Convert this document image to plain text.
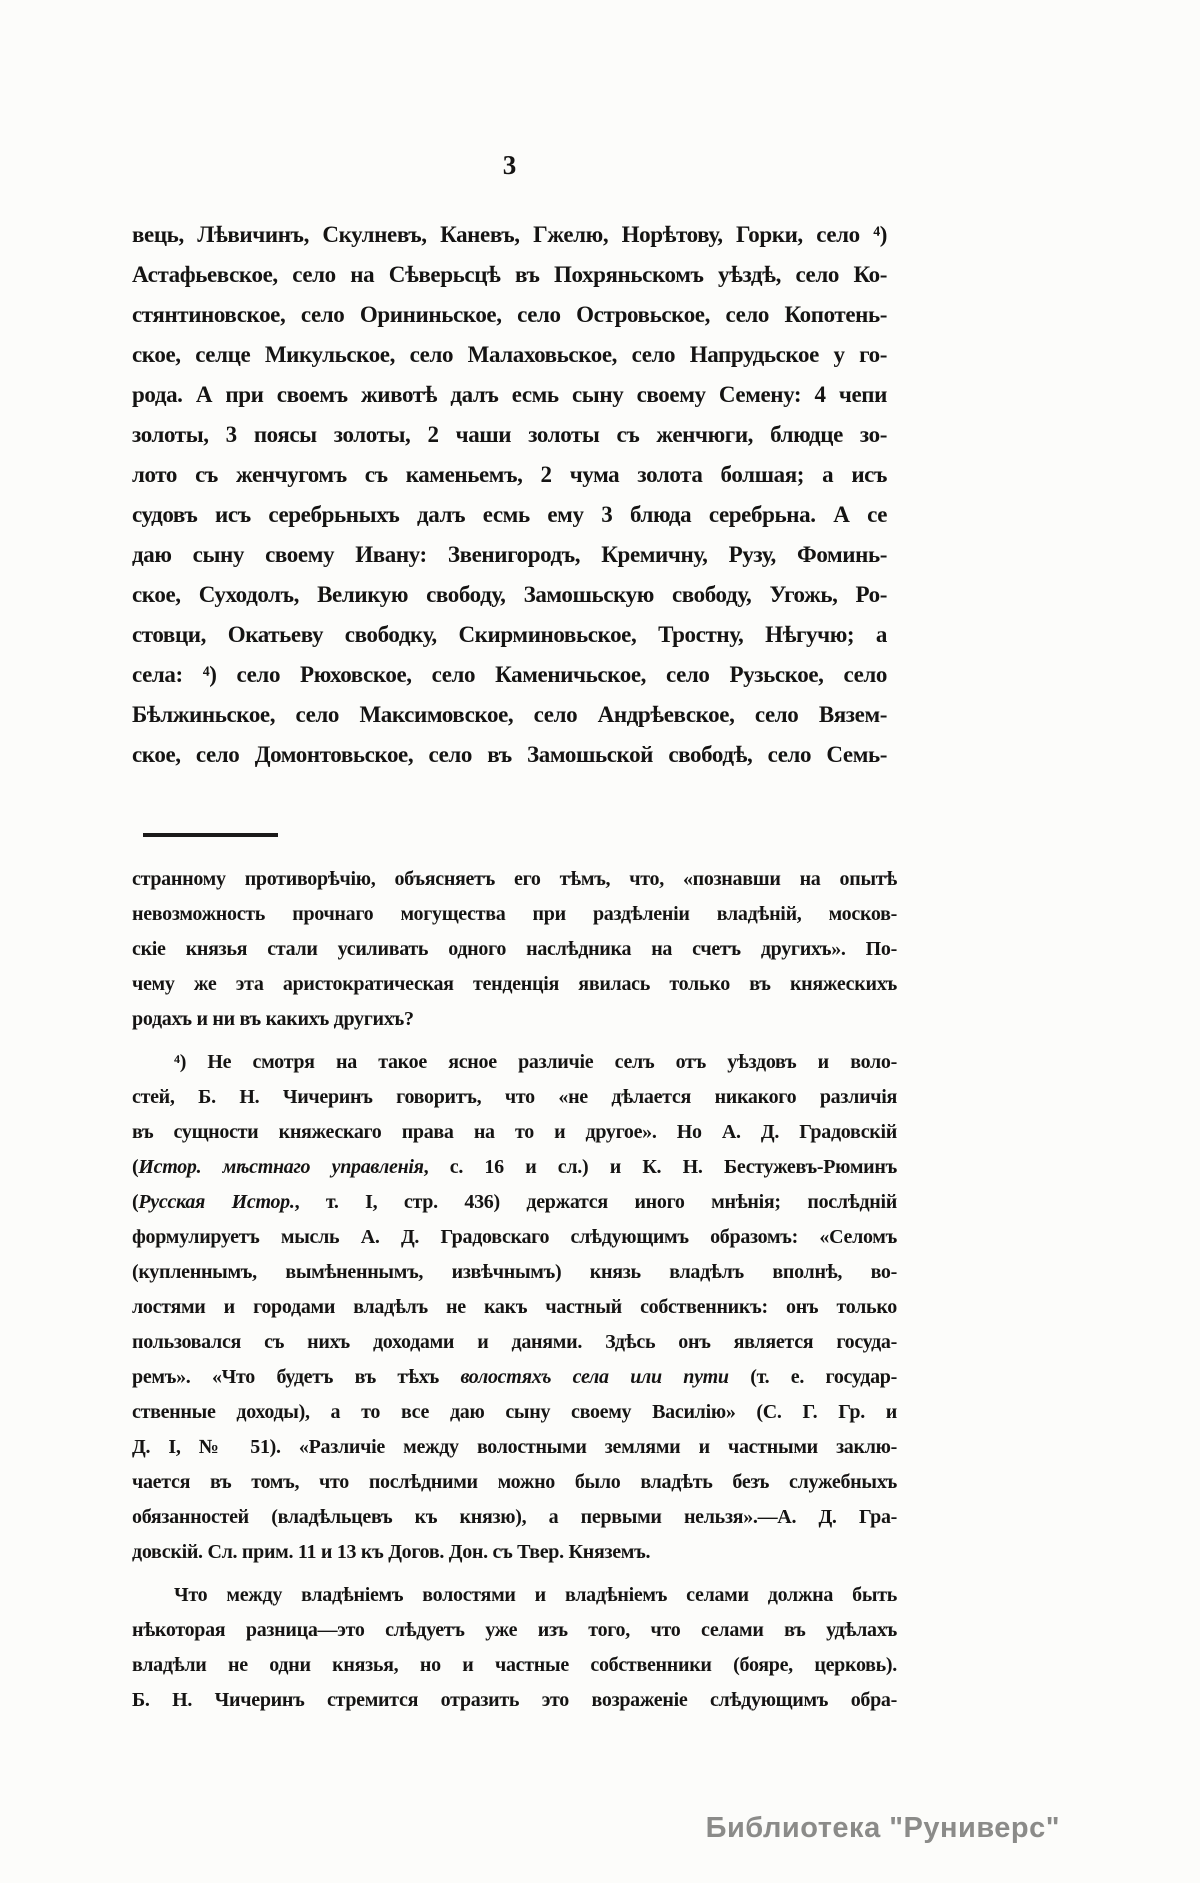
3
вець, Лѣвичинъ, Скулневъ, Каневъ, Гжелю, Норѣтову, Горки, село ⁴)
Астафьевское, село на Сѣверьсцѣ въ Похряньскомъ уѣздѣ, село Ко-
стянтиновское, село Орининьское, село Островьское, село Копотень-
ское, селце Микульское, село Малаховьское, село Напрудьское у го-
рода. А при своемъ животѣ далъ есмь сыну своему Семену: 4 чепи
золоты, 3 поясы золоты, 2 чаши золоты съ женчюги, блюдце зо-
лото съ женчугомъ съ каменьемъ, 2 чума золота болшая; а исъ
судовъ исъ серебрьныхъ далъ есмь ему 3 блюда серебрьна. А се
даю сыну своему Ивану: Звенигородъ, Кремичну, Рузу, Фоминь-
ское, Суходолъ, Великую свободу, Замошьскую свободу, Угожь, Ро-
стовци, Окатьеву свободку, Скирминовьское, Тростну, Нѣгучю; а
села: ⁴) село Рюховское, село Каменичьское, село Рузьское, село
Бѣлжиньское, село Максимовское, село Андрѣевское, село Вязем-
ское, село Домонтовьское, село въ Замошьской свободѣ, село Семь-
странному противорѣчію, объясняетъ его тѣмъ, что, «познавши на опытѣ
невозможность прочнаго могущества при раздѣленіи владѣній, москов-
скіе князья стали усиливать одного наслѣдника на счетъ другихъ». По-
чему же эта аристократическая тенденція явилась только въ княжескихъ
родахъ и ни въ какихъ другихъ?
⁴) Не смотря на такое ясное различіе селъ отъ уѣздовъ и воло-
стей, Б. Н. Чичеринъ говоритъ, что «не дѣлается никакого различія
въ сущности княжескаго права на то и другое». Но А. Д. Градовскій
(Истор. мѣстнаго управленія, с. 16 и сл.) и К. Н. Бестужевъ-Рюминъ
(Русская Истор., т. I, стр. 436) держатся иного мнѣнія; послѣдній
формулируетъ мысль А. Д. Градовскаго слѣдующимъ образомъ: «Селомъ
(купленнымъ, вымѣненнымъ, извѣчнымъ) князь владѣлъ вполнѣ, во-
лостями и городами владѣлъ не какъ частный собственникъ: онъ только
пользовался съ нихъ доходами и данями. Здѣсь онъ является госуда-
ремъ». «Что будетъ въ тѣхъ волостяхъ села или пути (т. е. государ-
ственные доходы), а то все даю сыну своему Василію» (С. Г. Гр. и
Д. I, № 51). «Различіе между волостными землями и частными заклю-
чается въ томъ, что послѣдними можно было владѣть безъ служебныхъ
обязанностей (владѣльцевъ къ князю), а первыми нельзя».—А. Д. Гра-
довскій. Сл. прим. 11 и 13 къ Догов. Дон. съ Твер. Княземъ.
Что между владѣніемъ волостями и владѣніемъ селами должна быть
нѣкоторая разница—это слѣдуетъ уже изъ того, что селами въ удѣлахъ
владѣли не одни князья, но и частные собственники (бояре, церковь).
Б. Н. Чичеринъ стремится отразить это возраженіе слѣдующимъ обра-
Библиотека "Руниверс"
